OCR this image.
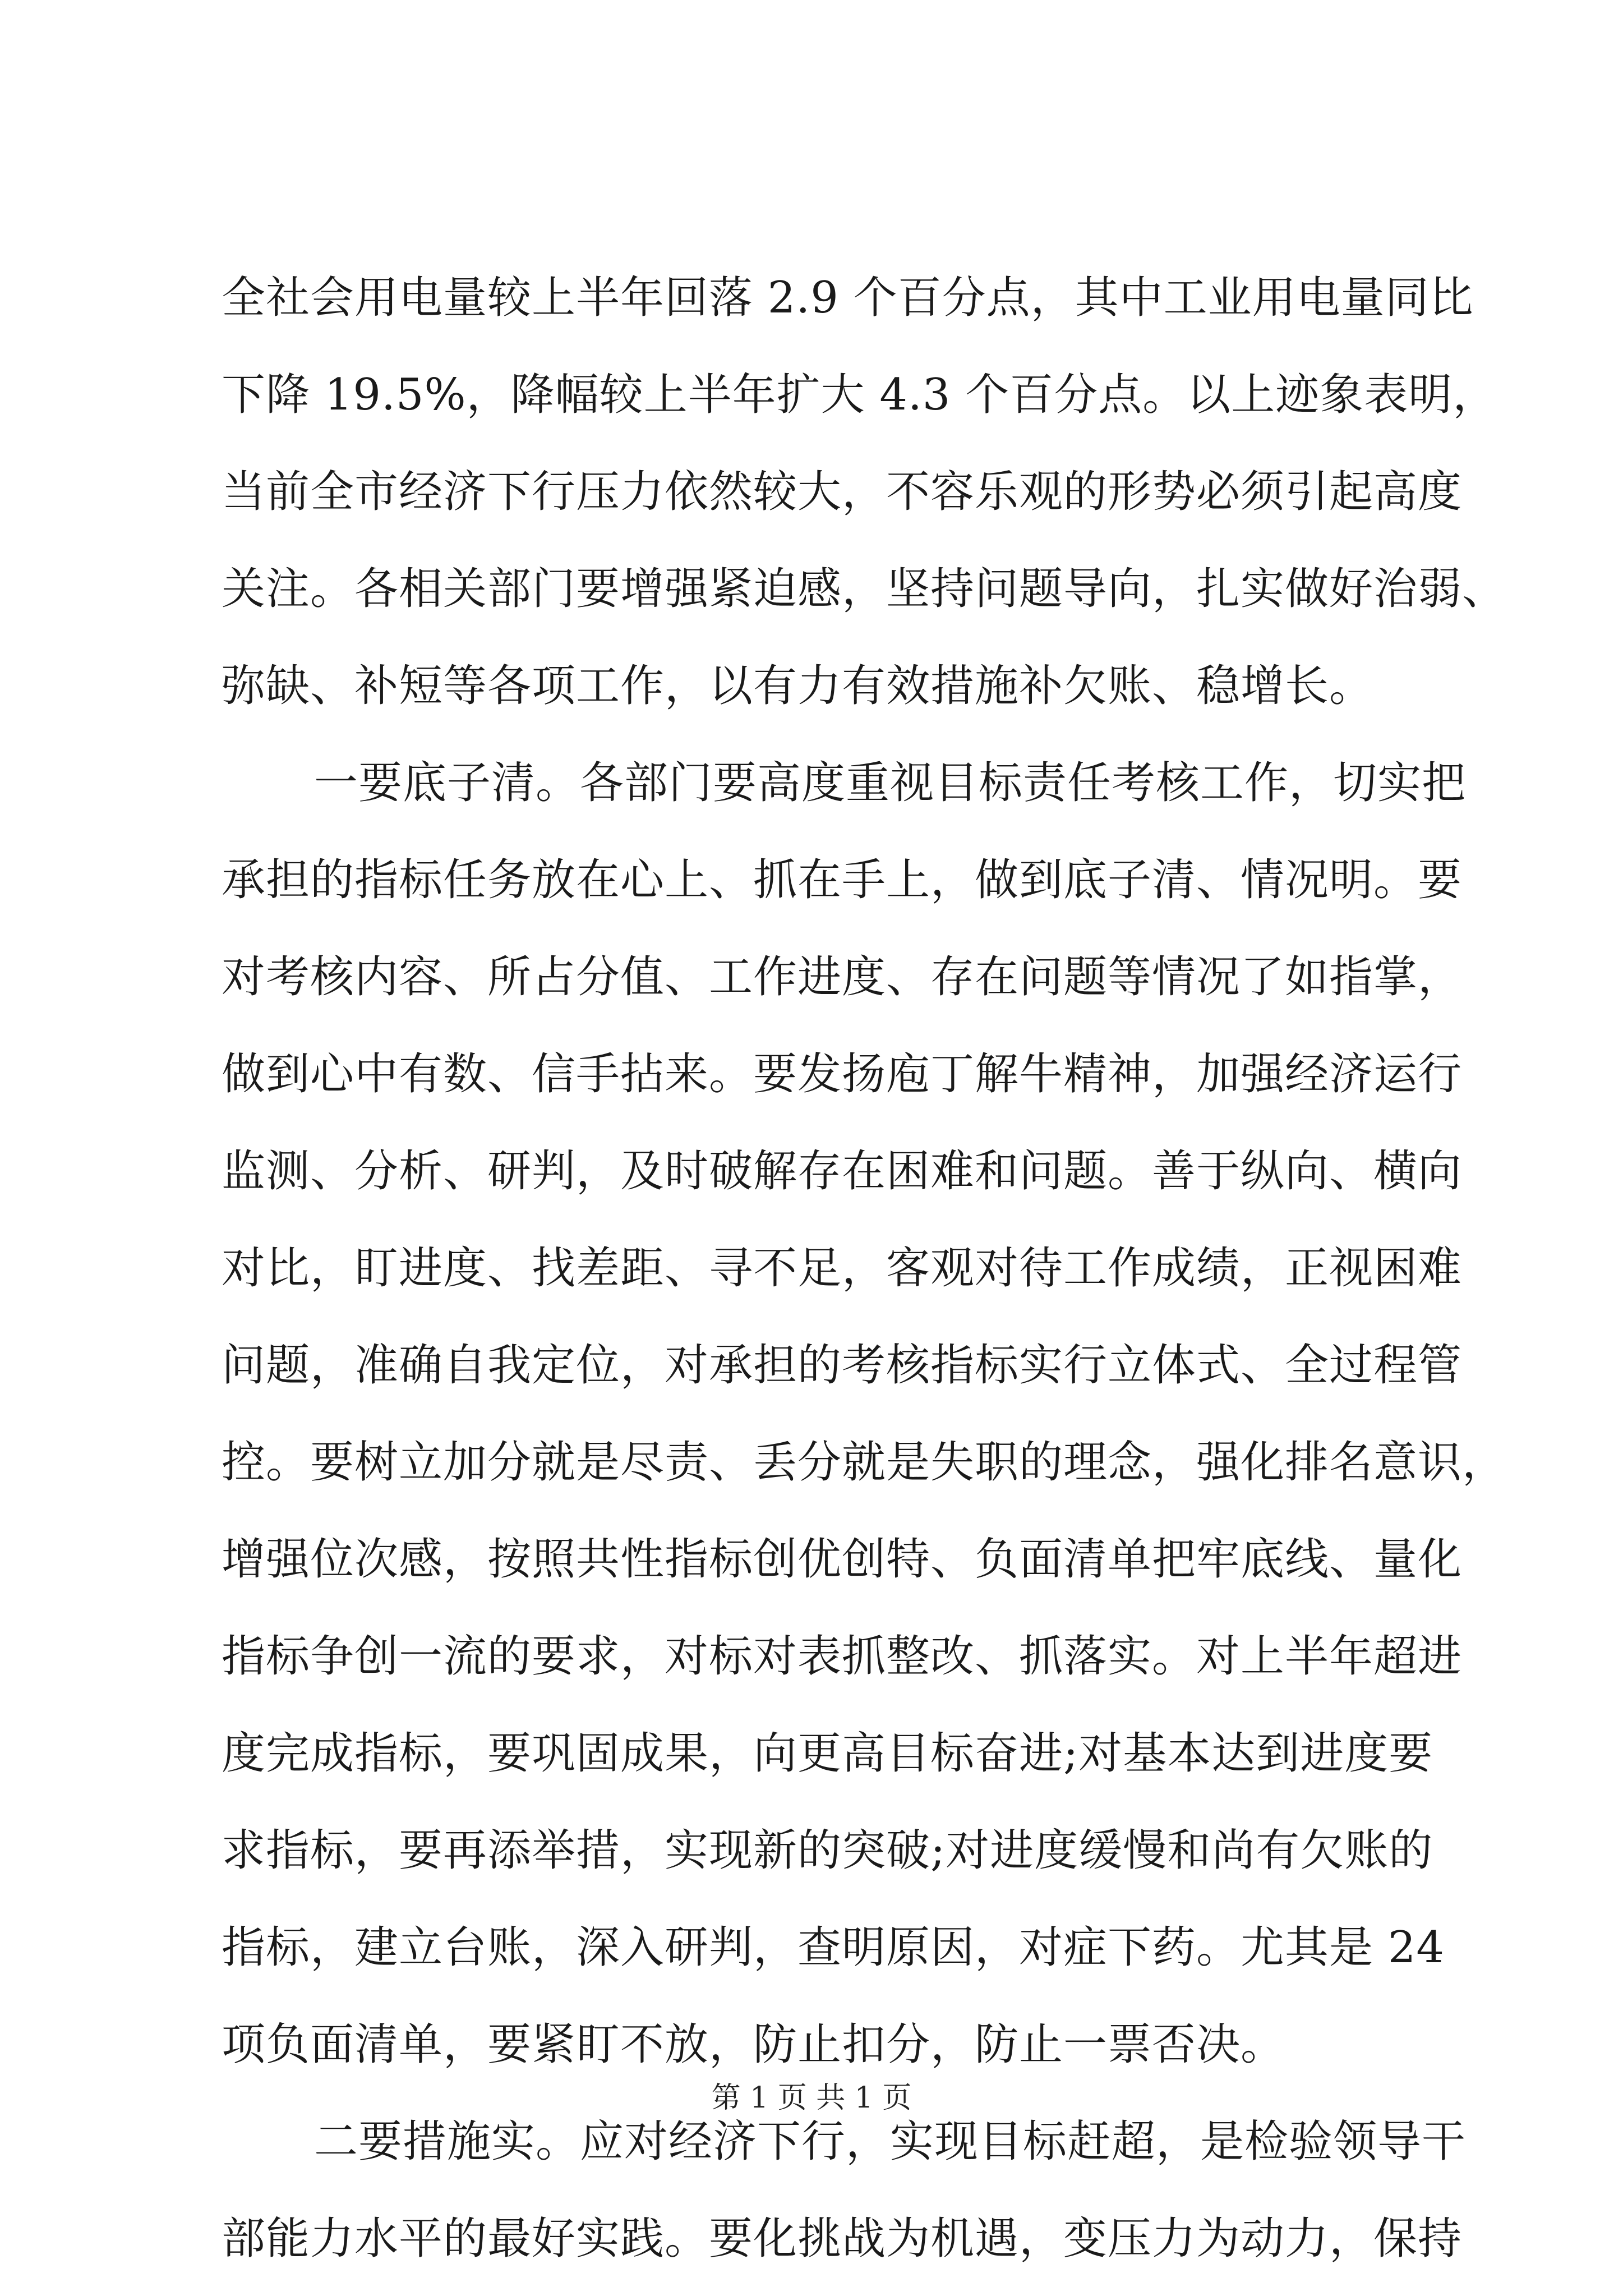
全社会用电量较上半年回落 2.9 个百分点，其中工业用电量同比
下降 19.5%，降幅较上半年扩大 4.3 个百分点。以上迹象表明，
当前全市经济下行压力依然较大，不容乐观的形势必须引起高度
关注。各相关部门要增强紧迫感，坚持问题导向，扎实做好治弱、
弥缺、补短等各项工作，以有力有效措施补欠账、稳增长。
一要底子清。各部门要高度重视目标责任考核工作，切实把
承担的指标任务放在心上、抓在手上，做到底子清、情况明。要
对考核内容、所占分值、工作进度、存在问题等情况了如指掌，
做到心中有数、信手拈来。要发扬庖丁解牛精神，加强经济运行
监测、分析、研判，及时破解存在困难和问题。善于纵向、横向
对比，盯进度、找差距、寻不足，客观对待工作成绩，正视困难
问题，准确自我定位，对承担的考核指标实行立体式、全过程管
控。要树立加分就是尽责、丢分就是失职的理念，强化排名意识，
增强位次感，按照共性指标创优创特、负面清单把牢底线、量化
指标争创一流的要求，对标对表抓整改、抓落实。对上半年超进
度完成指标，要巩固成果，向更高目标奋进;对基本达到进度要
求指标，要再添举措，实现新的突破;对进度缓慢和尚有欠账的
指标，建立台账，深入研判，查明原因，对症下药。尤其是 24
项负面清单，要紧盯不放，防止扣分，防止一票否决。
二要措施实。应对经济下行，实现目标赶超，是检验领导干
部能力水平的最好实践。要化挑战为机遇，变压力为动力，保持
第 1 页 共 1 页
